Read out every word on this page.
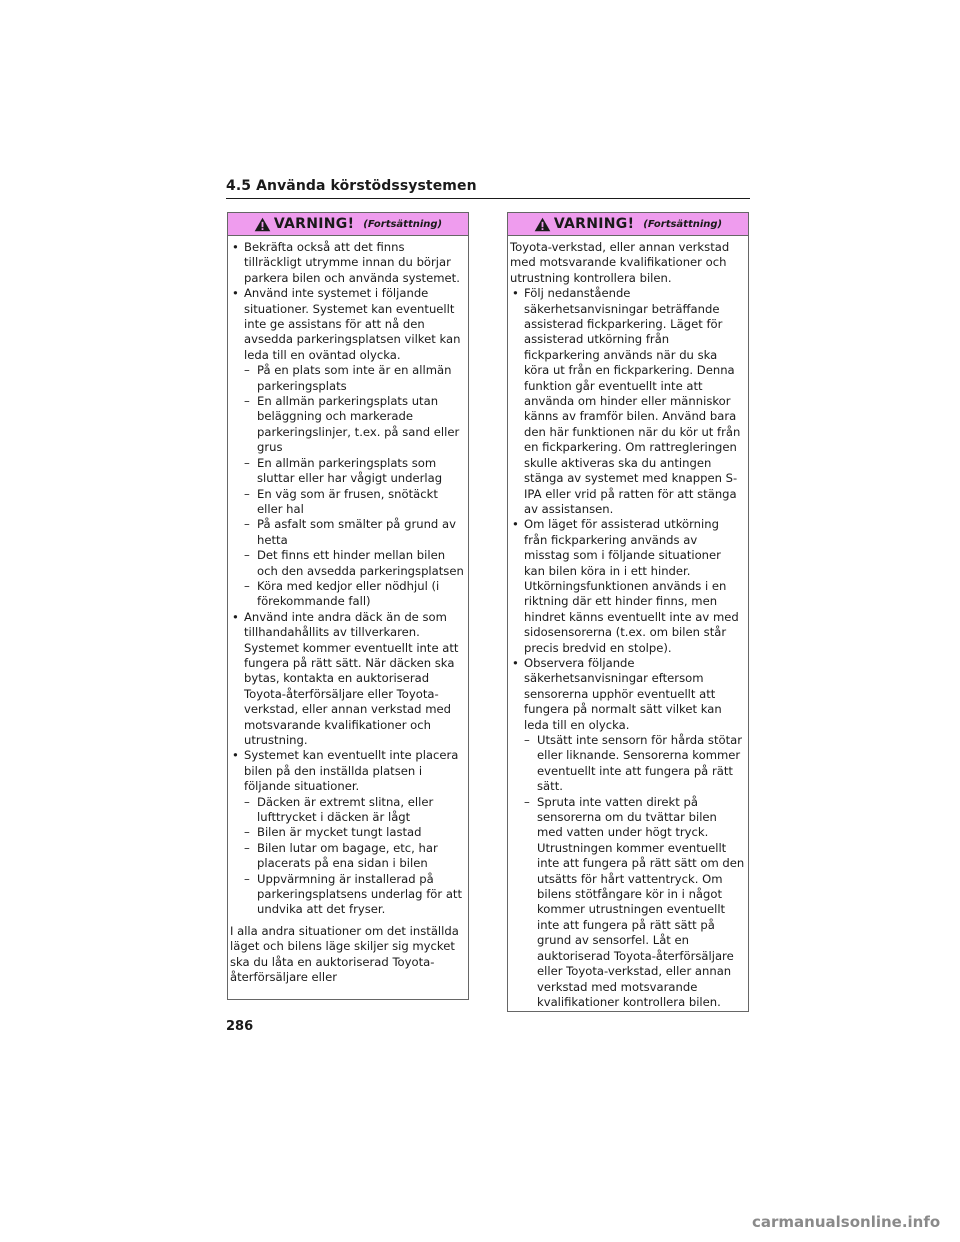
4.5 Använda körstödssystemen
VARNING! (Fortsättning)

• Bekräfta också att det finns tillräckligt utrymme innan du börjar parkera bilen och använda systemet.

• Använd inte systemet i följande situationer. Systemet kan eventuellt inte ge assistans för att nå den avsedda parkeringsplatsen vilket kan leda till en oväntad olycka.

– På en plats som inte är en allmän parkeringsplats

– En allmän parkeringsplats utan beläggning och markerade parkeringslinjer, t.ex. på sand eller grus

– En allmän parkeringsplats som sluttar eller har vågigt underlag

– En väg som är frusen, snötäckt eller hal

– På asfalt som smälter på grund av hetta

– Det finns ett hinder mellan bilen och den avsedda parkeringsplatsen

– Köra med kedjor eller nödhjul (i förekommande fall)

• Använd inte andra däck än de som tillhandahållits av tillverkaren. Systemet kommer eventuellt inte att fungera på rätt sätt. När däcken ska bytas, kontakta en auktoriserad Toyota-återförsäljare eller Toyota-verkstad, eller annan verkstad med motsvarande kvalifikationer och utrustning.

• Systemet kan eventuellt inte placera bilen på den inställda platsen i följande situationer.

– Däcken är extremt slitna, eller lufttrycket i däcken är lågt

– Bilen är mycket tungt lastad

– Bilen lutar om bagage, etc, har placerats på ena sidan i bilen

– Uppvärmning är installerad på parkeringsplatsens underlag för att undvika att det fryser.

I alla andra situationer om det inställda läget och bilens läge skiljer sig mycket ska du låta en auktoriserad Toyota-återförsäljare eller

VARNING! (Fortsättning)

Toyota-verkstad, eller annan verkstad med motsvarande kvalifikationer och utrustning kontrollera bilen.

• Följ nedanstående säkerhetsanvisningar beträffande assisterad fickparkering. Läget för assisterad utkörning från fickparkering används när du ska köra ut från en fickparkering. Denna funktion går eventuellt inte att använda om hinder eller människor känns av framför bilen. Använd bara den här funktionen när du kör ut från en fickparkering. Om rattregleringen skulle aktiveras ska du antingen stänga av systemet med knappen S-IPA eller vrid på ratten för att stänga av assistansen.

• Om läget för assisterad utkörning från fickparkering används av misstag som i följande situationer kan bilen köra in i ett hinder. Utkörningsfunktionen används i en riktning där ett hinder finns, men hindret känns eventuellt inte av med sidosensorerna (t.ex. om bilen står precis bredvid en stolpe).

• Observera följande säkerhetsanvisningar eftersom sensorerna upphör eventuellt att fungera på normalt sätt vilket kan leda till en olycka.

– Utsätt inte sensorn för hårda stötar eller liknande. Sensorerna kommer eventuellt inte att fungera på rätt sätt.

– Spruta inte vatten direkt på sensorerna om du tvättar bilen med vatten under högt tryck. Utrustningen kommer eventuellt inte att fungera på rätt sätt om den utsätts för hårt vattentryck. Om bilens stötfångare kör in i något kommer utrustningen eventuellt inte att fungera på rätt sätt på grund av sensorfel. Låt en auktoriserad Toyota-återförsäljare eller Toyota-verkstad, eller annan verkstad med motsvarande kvalifikationer kontrollera bilen.

286
carmanualsonline.info
